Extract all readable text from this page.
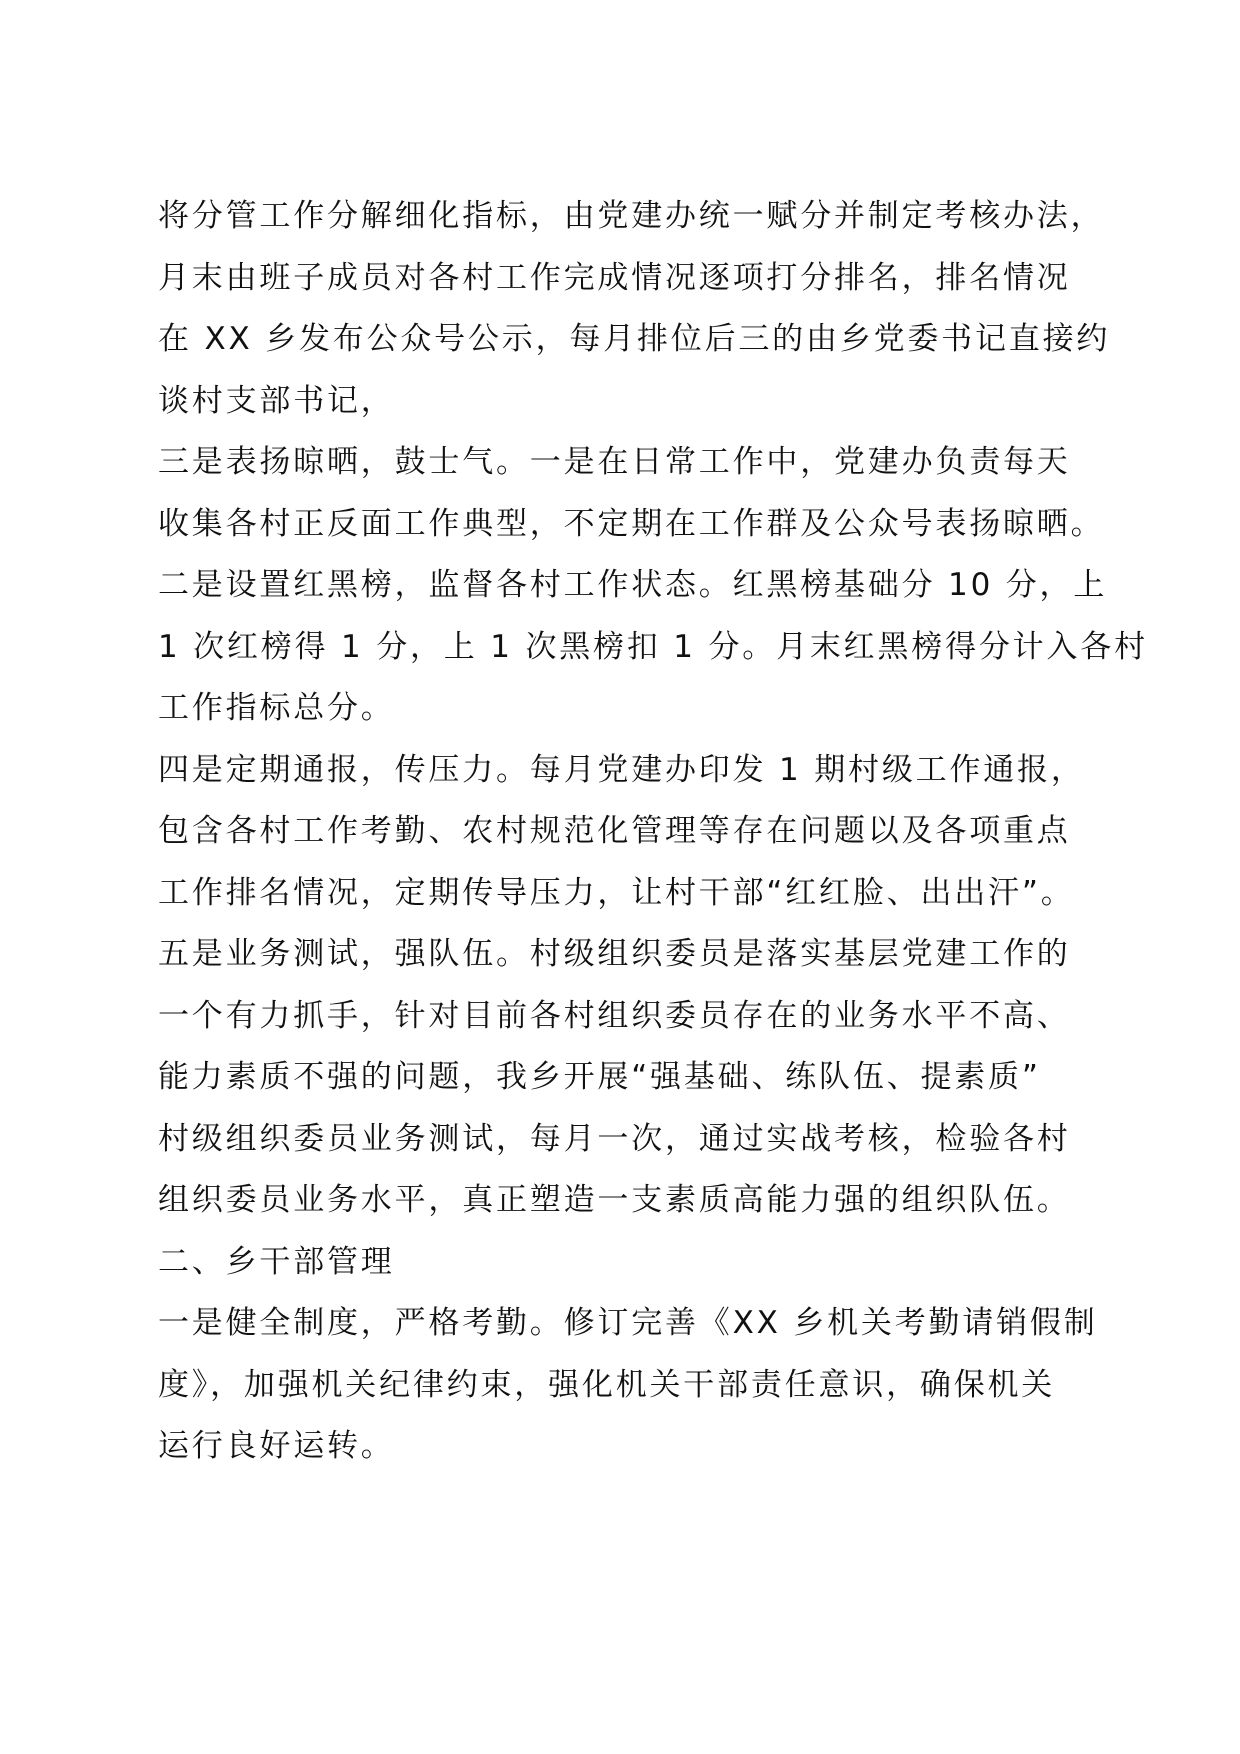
将分管工作分解细化指标，由党建办统一赋分并制定考核办法，
月末由班子成员对各村工作完成情况逐项打分排名，排名情况
在 XX 乡发布公众号公示，每月排位后三的由乡党委书记直接约
谈村支部书记，
三是表扬晾晒，鼓士气。一是在日常工作中，党建办负责每天
收集各村正反面工作典型，不定期在工作群及公众号表扬晾晒。
二是设置红黑榜，监督各村工作状态。红黑榜基础分 10 分，上
1 次红榜得 1 分，上 1 次黑榜扣 1 分。月末红黑榜得分计入各村
工作指标总分。
四是定期通报，传压力。每月党建办印发 1 期村级工作通报，
包含各村工作考勤、农村规范化管理等存在问题以及各项重点
工作排名情况，定期传导压力，让村干部“红红脸、出出汗”。
五是业务测试，强队伍。村级组织委员是落实基层党建工作的
一个有力抓手，针对目前各村组织委员存在的业务水平不高、
能力素质不强的问题，我乡开展“强基础、练队伍、提素质”
村级组织委员业务测试，每月一次，通过实战考核，检验各村
组织委员业务水平，真正塑造一支素质高能力强的组织队伍。
二、乡干部管理
一是健全制度，严格考勤。修订完善《XX 乡机关考勤请销假制
度》，加强机关纪律约束，强化机关干部责任意识，确保机关
运行良好运转。
